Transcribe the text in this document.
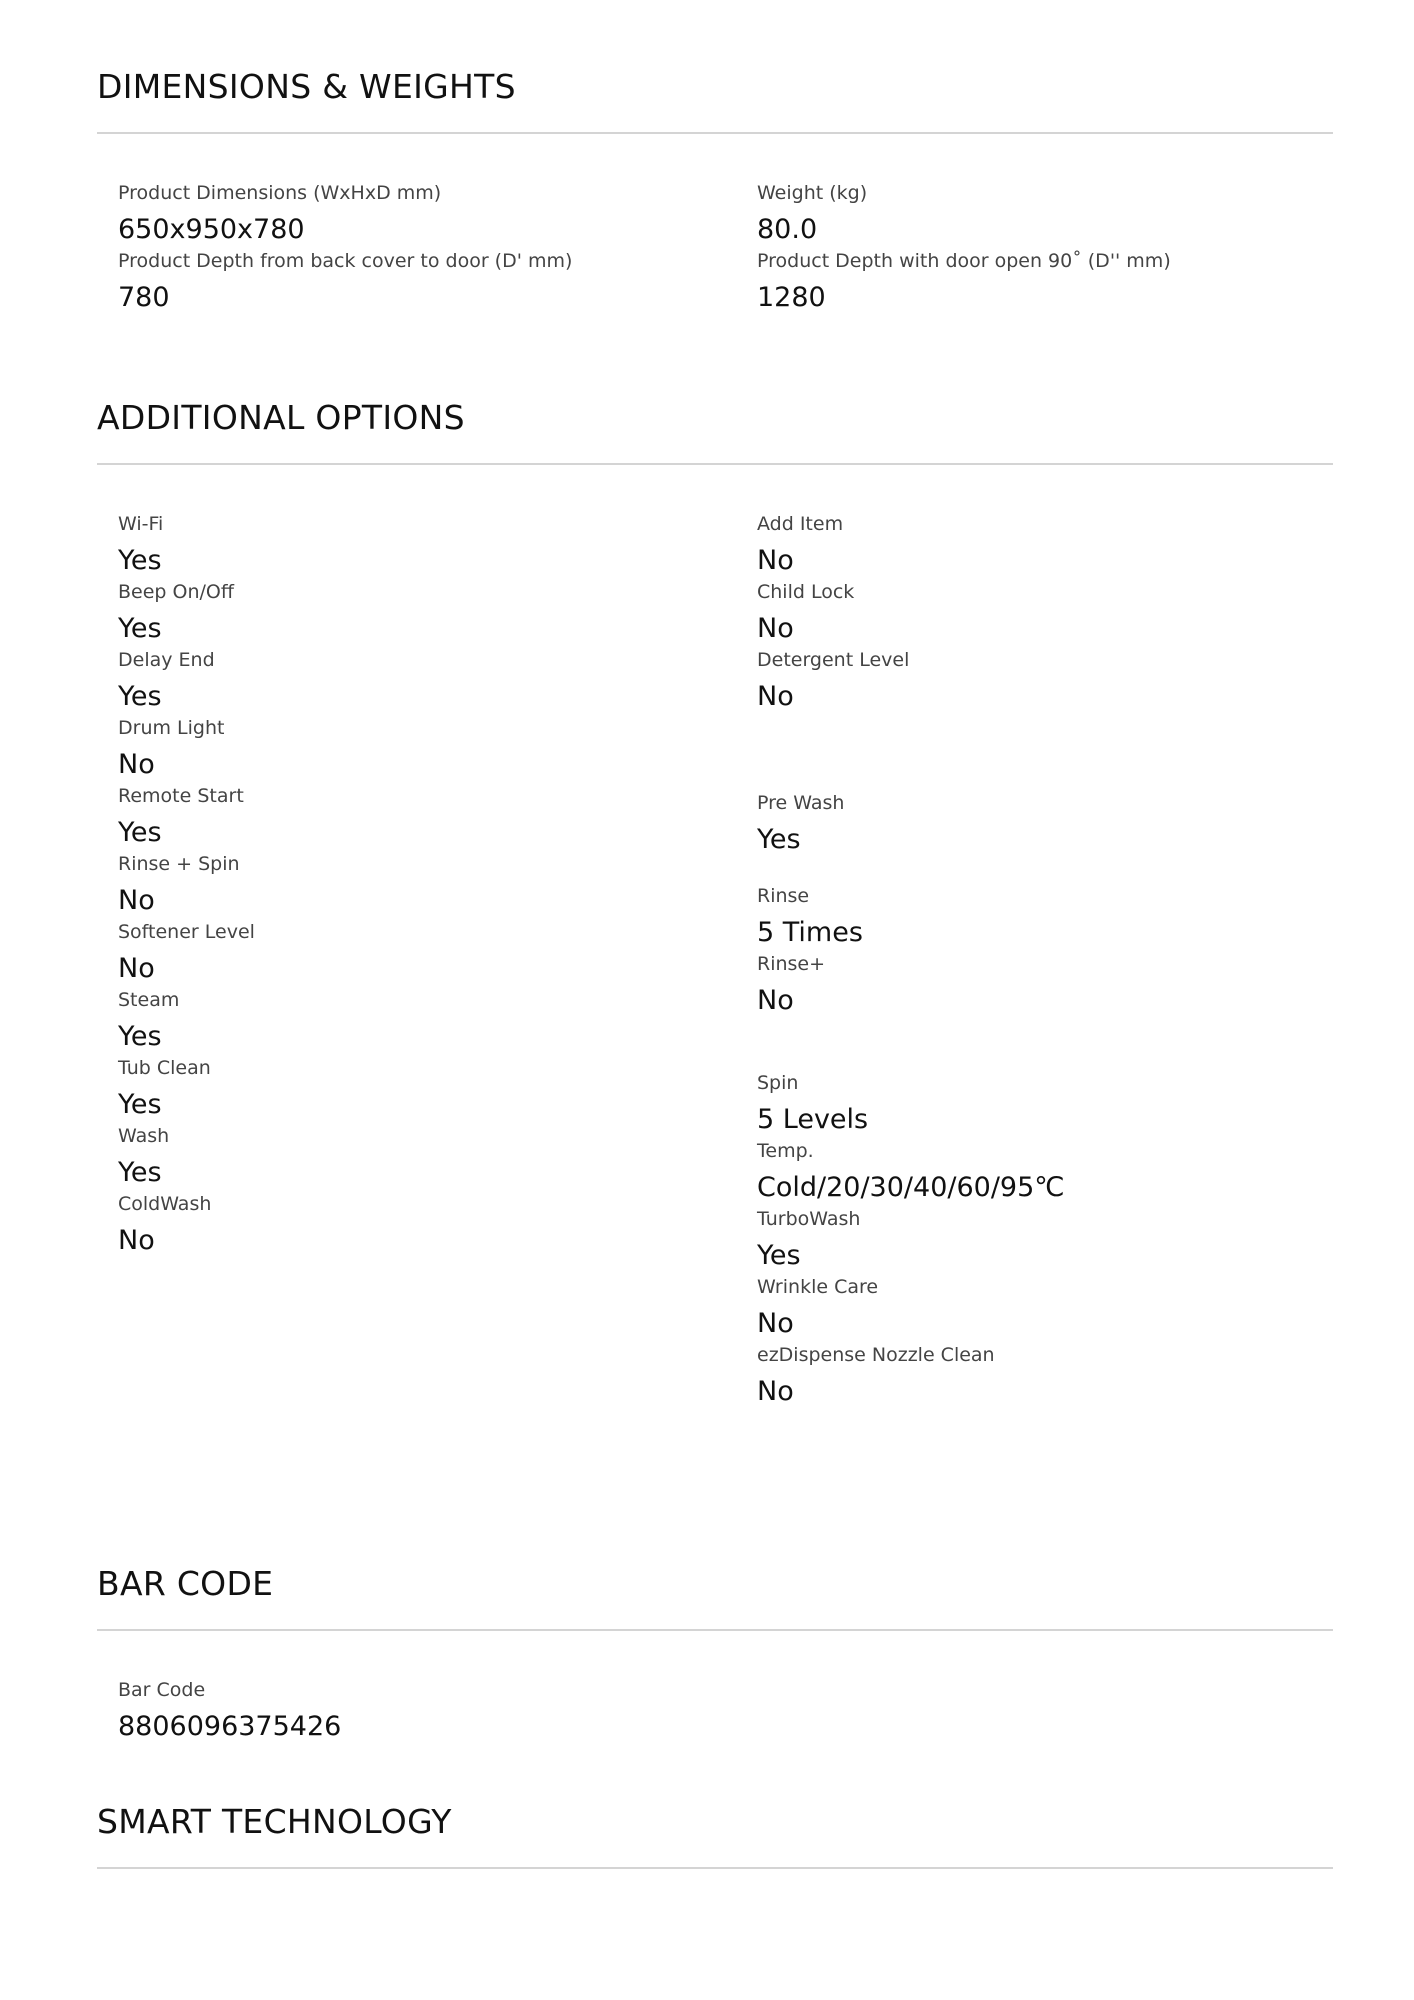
DIMENSIONS & WEIGHTS
Product Dimensions (WxHxD mm)
650x950x780
Product Depth from back cover to door (D' mm)
780
Weight (kg)
80.0
Product Depth with door open 90˚ (D'' mm)
1280
ADDITIONAL OPTIONS
Wi-Fi
Yes
Beep On/Off
Yes
Delay End
Yes
Drum Light
No
Remote Start
Yes
Rinse + Spin
No
Softener Level
No
Steam
Yes
Tub Clean
Yes
Wash
Yes
ColdWash
No
Add Item
No
Child Lock
No
Detergent Level
No
Pre Wash
Yes
Rinse
5 Times
Rinse+
No
Spin
5 Levels
Temp.
Cold/20/30/40/60/95℃
TurboWash
Yes
Wrinkle Care
No
ezDispense Nozzle Clean
No
BAR CODE
Bar Code
8806096375426
SMART TECHNOLOGY
